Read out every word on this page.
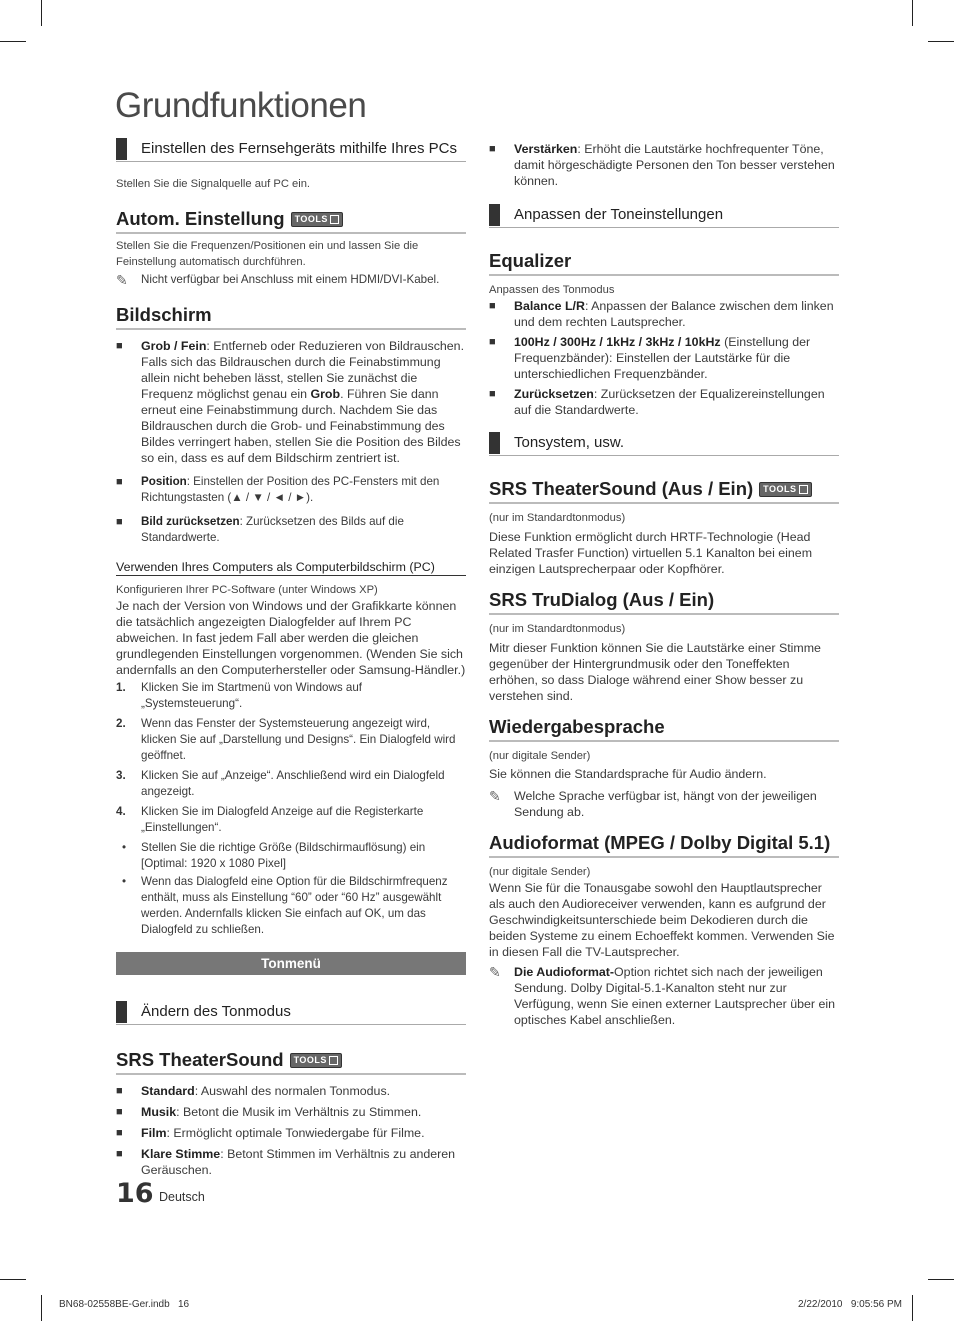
Grundfunktionen
Einstellen des Fernsehgeräts mithilfe Ihres PCs

Stellen Sie die Signalquelle auf PC ein.

Autom. Einstellung TOOLS

Stellen Sie die Frequenzen/Positionen ein und lassen Sie die Feinstellung automatisch durchführen.

✎	Nicht verfügbar bei Anschluss mit einem HDMI/DVI-Kabel.
Bildschirm
■	Grob / Fein: Entferneb oder Reduzieren von Bildrauschen. Falls sich das Bildrauschen durch die Feinabstimmung allein nicht beheben lässt, stellen Sie zunächst die Frequenz möglichst genau ein Grob. Führen Sie dann erneut eine Feinabstimmung durch. Nachdem Sie das Bildrauschen durch die Grob- und Feinabstimmung des Bildes verringert haben, stellen Sie die Position des Bildes so ein, dass es auf dem Bildschirm zentriert ist.
■	Position: Einstellen der Position des PC-Fensters mit den Richtungstasten (▲ / ▼ / ◄ / ►).
■	Bild zurücksetzen: Zurücksetzen des Bilds auf die Standardwerte.
Verwenden Ihres Computers als Computerbildschirm (PC)

Konfigurieren Ihrer PC-Software (unter Windows XP)

Je nach der Version von Windows und der Grafikkarte können die tatsächlich angezeigten Dialogfelder auf Ihrem PC abweichen. In fast jedem Fall aber werden die gleichen grundlegenden Einstellungen vorgenommen. (Wenden Sie sich andernfalls an den Computerhersteller oder Samsung-Händler.)

1.	Klicken Sie im Startmenü von Windows auf „Systemsteuerung“.
2.	Wenn das Fenster der Systemsteuerung angezeigt wird, klicken Sie auf „Darstellung und Designs“. Ein Dialogfeld wird geöffnet.
3.	Klicken Sie auf „Anzeige“. Anschließend wird ein Dialogfeld angezeigt.
4.	Klicken Sie im Dialogfeld Anzeige auf die Registerkarte „Einstellungen“.
•	Stellen Sie die richtige Größe (Bildschirmauflösung) ein [Optimal: 1920 x 1080 Pixel]
•	Wenn das Dialogfeld eine Option für die Bildschirmfrequenz enthält, muss als Einstellung “60” oder “60 Hz” ausgewählt werden. Andernfalls klicken Sie einfach auf OK, um das Dialogfeld zu schließen.
Tonmenü
Ändern des Tonmodus
SRS TheaterSound TOOLS
■	Standard: Auswahl des normalen Tonmodus.
■	Musik: Betont die Musik im Verhältnis zu Stimmen.
■	Film: Ermöglicht optimale Tonwiedergabe für Filme.
■	Klare Stimme: Betont Stimmen im Verhältnis zu anderen Geräuschen.
■	Verstärken: Erhöht die Lautstärke hochfrequenter Töne, damit hörgeschädigte Personen den Ton besser verstehen können.
Anpassen der Toneinstellungen
Equalizer

Anpassen des Tonmodus

■	Balance L/R: Anpassen der Balance zwischen dem linken und dem rechten Lautsprecher.
■	100Hz / 300Hz / 1kHz / 3kHz / 10kHz (Einstellung der Frequenzbänder): Einstellen der Lautstärke für die unterschiedlichen Frequenzbänder.
■	Zurücksetzen: Zurücksetzen der Equalizereinstellungen auf die Standardwerte.
Tonsystem, usw.
SRS TheaterSound (Aus / Ein) TOOLS

(nur im Standardtonmodus)

Diese Funktion ermöglicht durch HRTF-Technologie (Head Related Trasfer Function) virtuellen 5.1 Kanalton bei einem einzigen Lautsprecherpaar oder Kopfhörer.

SRS TruDialog (Aus / Ein)

(nur im Standardtonmodus)

Mitr dieser Funktion können Sie die Lautstärke einer Stimme gegenüber der Hintergrundmusik oder den Toneffekten erhöhen, so dass Dialoge während einer Show besser zu verstehen sind.

Wiedergabesprache

(nur digitale Sender)

Sie können die Standardsprache für Audio ändern.

✎	Welche Sprache verfügbar ist, hängt von der jeweiligen Sendung ab.
Audioformat (MPEG / Dolby Digital 5.1)

(nur digitale Sender)

Wenn Sie für die Tonausgabe sowohl den Hauptlautsprecher als auch den Audioreceiver verwenden, kann es aufgrund der Geschwindigkeitsunterschiede beim Dekodieren durch die beiden Systeme zu einem Echoeffekt kommen. Verwenden Sie in diesen Fall die TV-Lautsprecher.

✎	Die Audioformat-Option richtet sich nach der jeweiligen Sendung. Dolby Digital-5.1-Kanalton steht nur zur Verfügung, wenn Sie einen externer Lautsprecher über ein optisches Kabel anschließen.
16 Deutsch
BN68-02558BE-Ger.indb   16	2/22/2010   9:05:56 PM
